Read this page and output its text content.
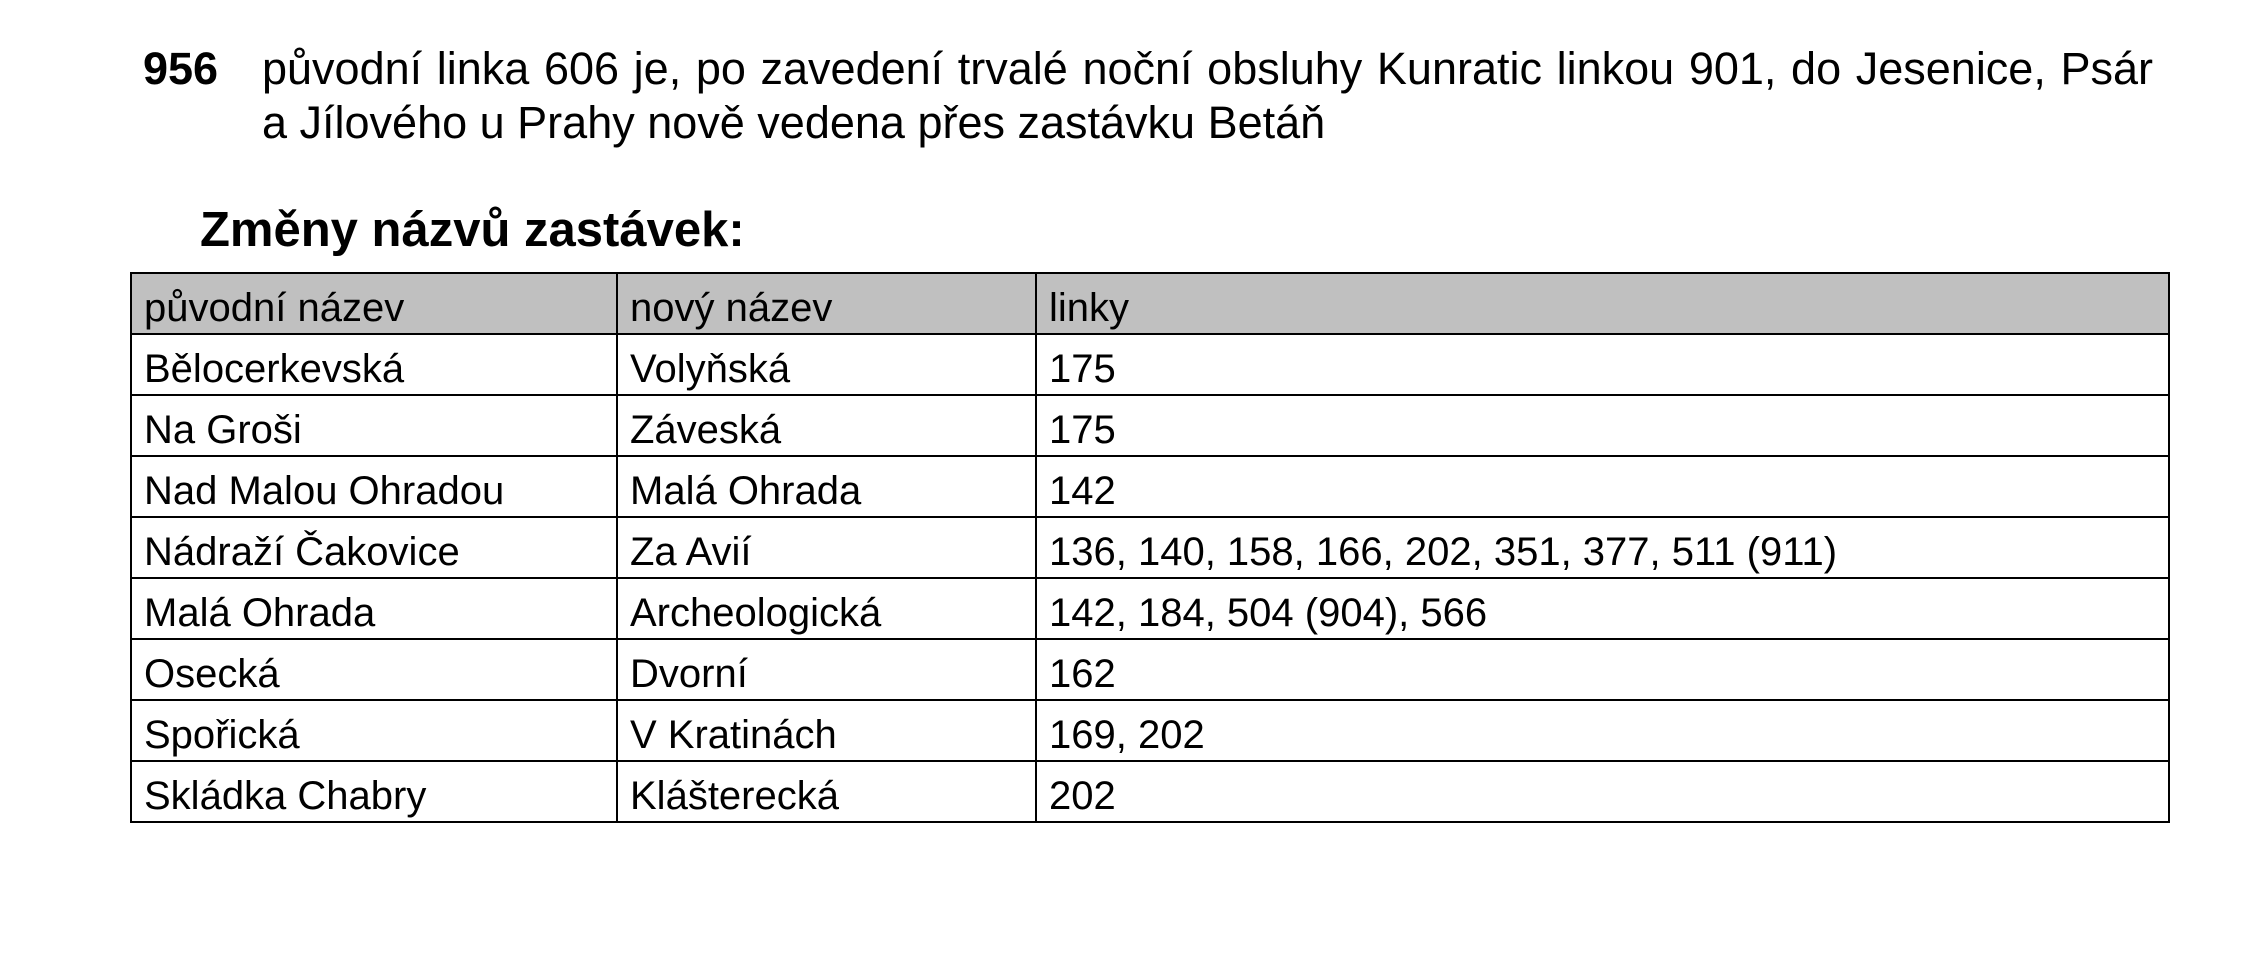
956 původní linka 606 je, po zavedení trvalé noční obsluhy Kunratic linkou 901, do Jesenice, Psár a Jílového u Prahy nově vedena přes zastávku Betáň
Změny názvů zastávek:
původní název	nový název	linky
Bělocerkevská	Volyňská	175
Na Groši	Záveská	175
Nad Malou Ohradou	Malá Ohrada	142
Nádraží Čakovice	Za Avií	136, 140, 158, 166, 202, 351, 377, 511 (911)
Malá Ohrada	Archeologická	142, 184, 504 (904), 566
Osecká	Dvorní	162
Spořická	V Kratinách	169, 202
Skládka Chabry	Klášterecká	202
